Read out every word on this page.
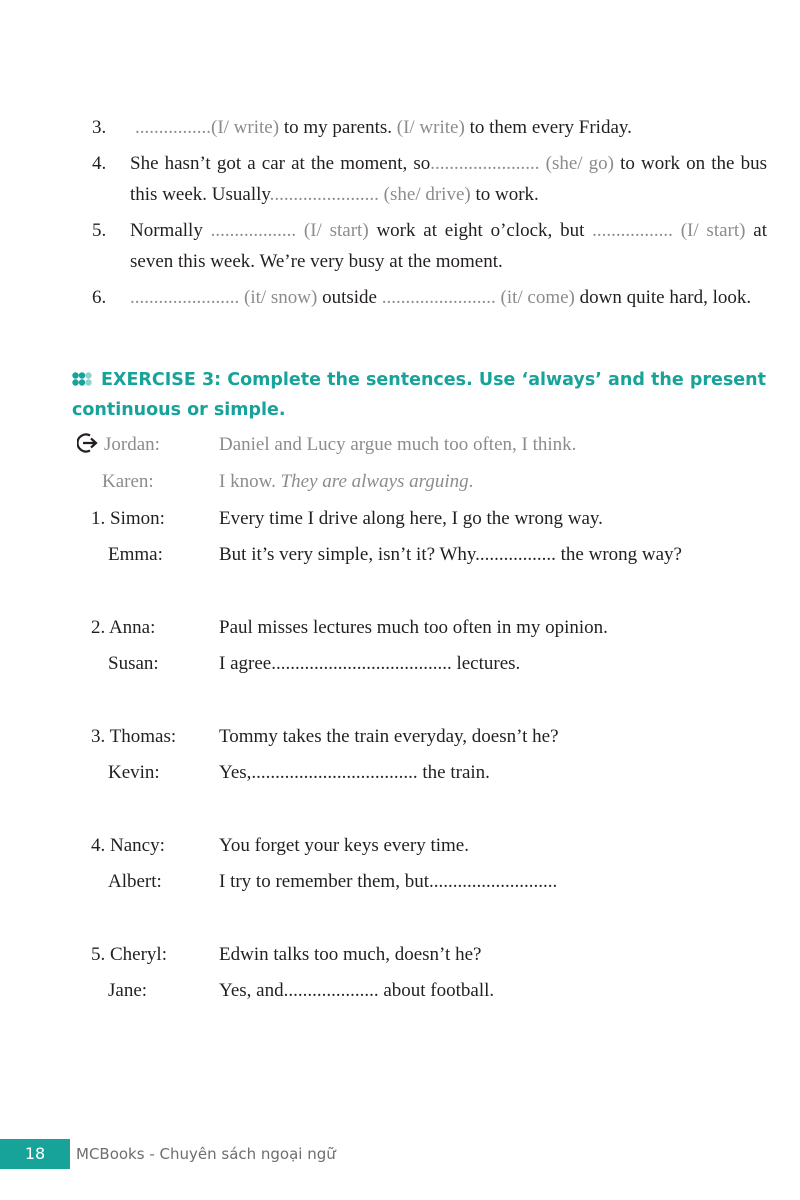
3. ................(I/ write) to my parents. (I/ write) to them every Friday.
4. She hasn’t got a car at the moment, so....................... (she/ go) to work on the bus this week. Usually....................... (she/ drive) to work.
5. Normally .................. (I/ start) work at eight o’clock, but ................. (I/ start) at seven this week. We’re very busy at the moment.
6. ....................... (it/ snow) outside ........................ (it/ come) down quite hard, look.
EXERCISE 3: Complete the sentences. Use ‘always’ and the present continuous or simple.
Jordan:	Daniel and Lucy argue much too often, I think.
Karen:	I know. They are always arguing.
1. Simon:	Every time I drive along here, I go the wrong way.
Emma:	But it’s very simple, isn’t it? Why................. the wrong way?
2. Anna:	Paul misses lectures much too often in my opinion.
Susan:	I agree...................................... lectures.
3. Thomas: Tommy takes the train everyday, doesn’t he?
Kevin:	Yes,................................... the train.
4. Nancy:	You forget your keys every time.
Albert:	I try to remember them, but...........................
5. Cheryl:	Edwin talks too much, doesn’t he?
Jane:	Yes, and.................... about football.
18	MCBooks - Chuyên sách ngoại ngữ
